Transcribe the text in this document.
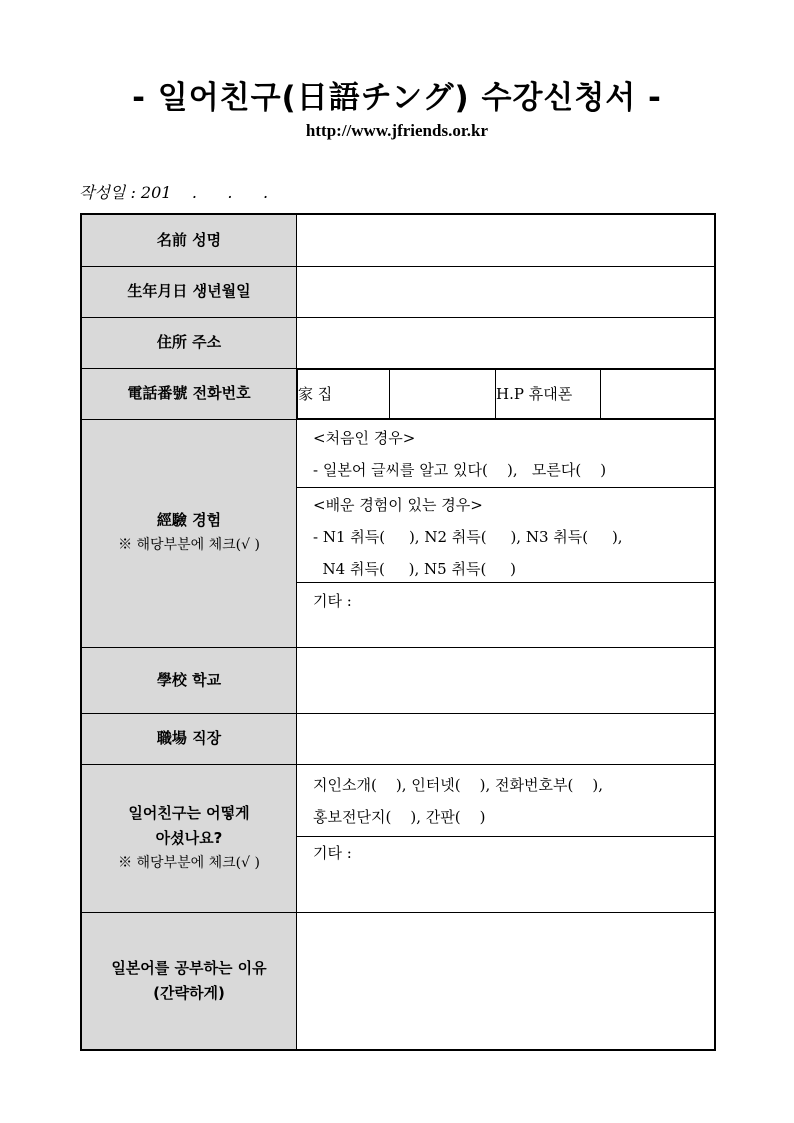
- 일어친구(日語チング) 수강신청서 -
http://www.jfriends.or.kr
작성일 : 201    .      .      .
名前 성명	
生年月日 생년월일	
住所 주소	
電話番號 전화번호		家 집		H.P 휴대폰	

經驗 경험
※ 해당부분에 체크(√ )

<처음인 경우>
- 일본어 글씨를 알고 있다(    ),   모른다(    )
<배운 경험이 있는 경우>
- N1 취득(     ), N2 취득(     ), N3 취득(     ),
N4 취득(     ), N5 취득(     )
기타 :

學校 학교	
職場 직장	

일어친구는 어떻게
아셨나요?
※ 해당부분에 체크(√ )

지인소개(    ), 인터넷(    ), 전화번호부(    ),
홍보전단지(    ), 간판(    )
기타 :

일본어를 공부하는 이유
(간략하게)
